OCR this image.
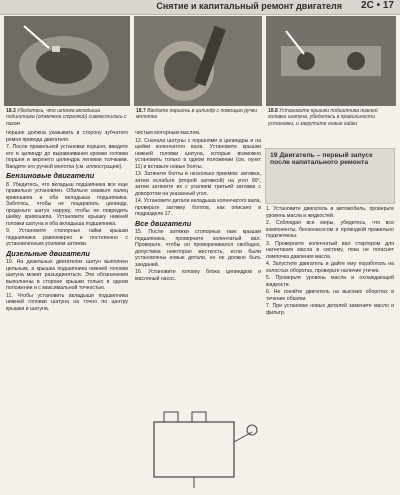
Снятие и капитальный ремонт двигателя 2C • 17
18.3 Убедитесь, что шпонка вкладыша подшипника (отмечена стрелкой) совместилась с пазом
18.7 Вводите поршень в цилиндр с помощью ручки молотка
18.8 Установите крышки подшипника нижней головки шатуна, убедитесь в правильности установки, и закрутите новые гайки

поршне должна указывать в сторону зубчатого ремня привода двигателя.

7. После правильной установки поршня, введите его в цилиндр до выравнивания кромки головки поршня и верхнего цилиндра легкими толчками. Вводите его ручкой молотка (см. иллюстрацию).

Бензиновые двигатели

8. Убедитесь, что вкладыш подшипника все еще правильно установлен. Обильно смажьте палец кривошипа и оба вкладыша подшипника. Заботясь, чтобы не поцарапать цилиндр, проденьте шатун наружу, чтобы не повредить шейку кривошипа. Установите крышку нижней головки шатуна и оба вкладыша подшипника.

9. Установите стопорные гайки крышки подшипника равномерно и постепенно с установленным усилием затяжки.

Дизельные двигатели

10. На дизельных двигателях шатун выполнен цельным, а крышка подшипника нижней головки шатуна может разъединяться. Эти обозначения выполнены в стороне крышки только в одном положении и с максимальной точностью.

11. Чтобы установить вкладыши подшипника нижней головки шатуна на точно по центру крышки и шатуна.

чистым моторным маслом.

12. Сначала шатуны с поршнями в цилиндры и на шейки коленчатого вала. Установите крышки нижней головки шатуна, которые возможно установить только в одном положении (см. пункт 11) и вставьте новые болты.

13. Затяните болты в несколько приемов: затяжка, затем ослабьте (второй затяжкой) на угол 90°, затем затяните их с усилием третьей затяжки с доворотом на указанный угол.

14. Установите детали вкладыша коленчатого вала, проверьте затяжку болтов, как описано в подразделе 17.

Все двигатели

15. После затяжки стопорных гаек крышки подшипника, проверните коленчатый вал. Проверьте, чтобы он проворачивался свободно, допустима некоторая жесткость, если были установлены новые детали, но не должно быть заеданий.

16. Установите головку блока цилиндров и масляный насос.

19 Двигатель – первый запуск после капитального ремонта

1. Установите двигатель в автомобиль, проверьте уровень масла и жидкостей.

2. Соблюдая все меры, убедитесь, что все компоненты, бензонасосом и проводкой правильно подключены.

3. Проверните коленчатый вал стартером для нагнетания масла в систему, пока не погаснет лампочка давления масла.

4. Запустите двигатель и дайте ему поработать на холостых оборотах, проверьте наличие утечек.

5. Проверьте уровень масла и охлаждающей жидкости.

6. Не гоняйте двигатель на высоких оборотах в течение обкатки.

7. При установке новых деталей замените масло и фильтр.
